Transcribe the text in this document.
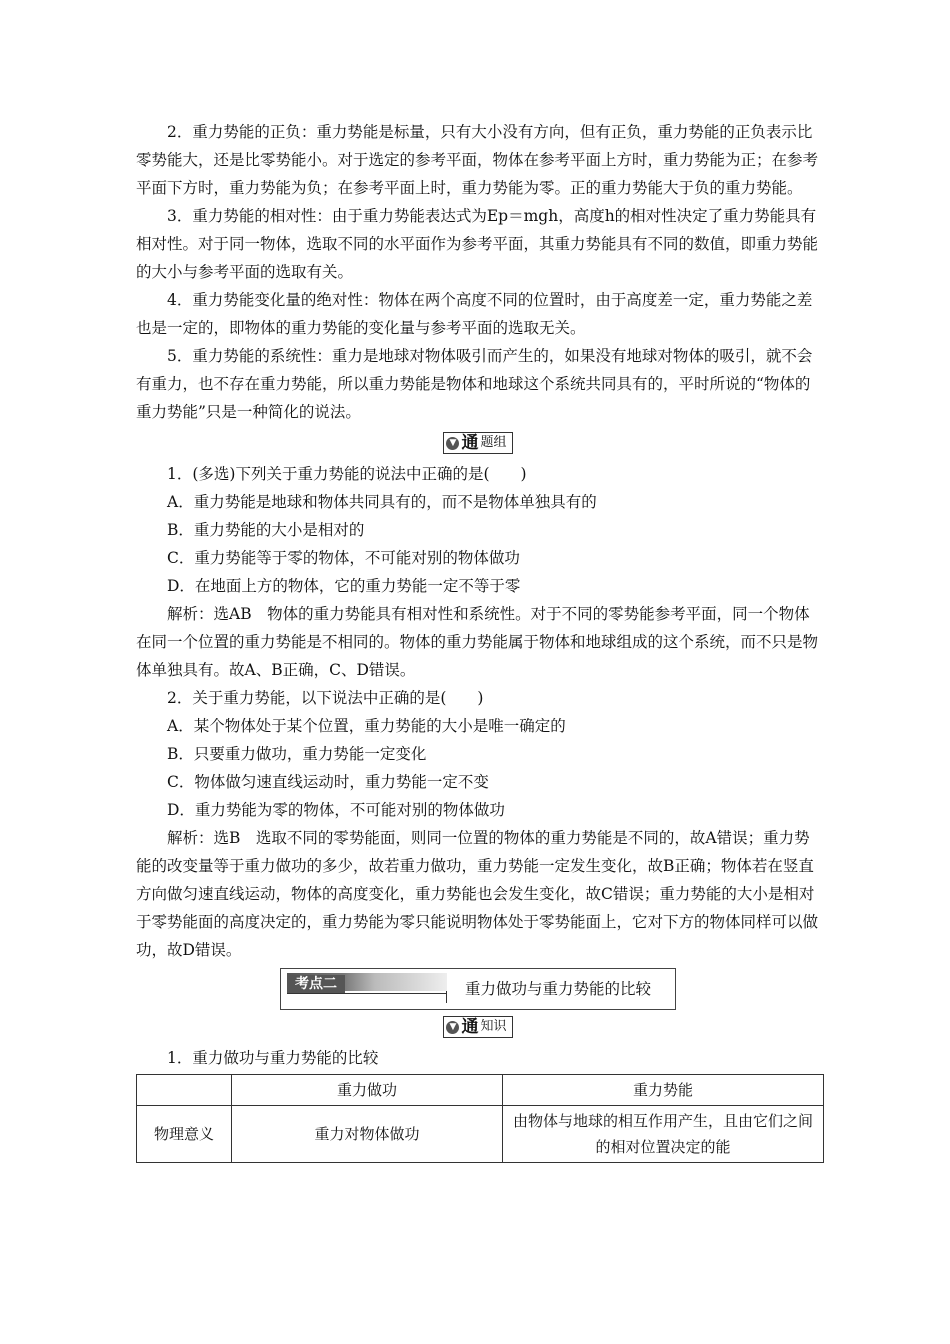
2．重力势能的正负：重力势能是标量，只有大小没有方向，但有正负，重力势能的正负表示比零势能大，还是比零势能小。对于选定的参考平面，物体在参考平面上方时，重力势能为正；在参考平面下方时，重力势能为负；在参考平面上时，重力势能为零。正的重力势能大于负的重力势能。

3．重力势能的相对性：由于重力势能表达式为Ep＝mgh，高度h的相对性决定了重力势能具有相对性。对于同一物体，选取不同的水平面作为参考平面，其重力势能具有不同的数值，即重力势能的大小与参考平面的选取有关。

4．重力势能变化量的绝对性：物体在两个高度不同的位置时，由于高度差一定，重力势能之差也是一定的，即物体的重力势能的变化量与参考平面的选取无关。

5．重力势能的系统性：重力是地球对物体吸引而产生的，如果没有地球对物体的吸引，就不会有重力，也不存在重力势能，所以重力势能是物体和地球这个系统共同具有的，平时所说的“物体的重力势能”只是一种简化的说法。

▼ 通 题组

1．(多选)下列关于重力势能的说法中正确的是(　　)

A．重力势能是地球和物体共同具有的，而不是物体单独具有的

B．重力势能的大小是相对的

C．重力势能等于零的物体，不可能对别的物体做功

D．在地面上方的物体，它的重力势能一定不等于零

解析：选AB　物体的重力势能具有相对性和系统性。对于不同的零势能参考平面，同一个物体在同一个位置的重力势能是不相同的。物体的重力势能属于物体和地球组成的这个系统，而不只是物体单独具有。故A、B正确，C、D错误。

2．关于重力势能，以下说法中正确的是(　　)

A．某个物体处于某个位置，重力势能的大小是唯一确定的

B．只要重力做功，重力势能一定变化

C．物体做匀速直线运动时，重力势能一定不变

D．重力势能为零的物体，不可能对别的物体做功

解析：选B　选取不同的零势能面，则同一位置的物体的重力势能是不同的，故A错误；重力势能的改变量等于重力做功的多少，故若重力做功，重力势能一定发生变化，故B正确；物体若在竖直方向做匀速直线运动，物体的高度变化，重力势能也会发生变化，故C错误；重力势能的大小是相对于零势能面的高度决定的，重力势能为零只能说明物体处于零势能面上，它对下方的物体同样可以做功，故D错误。

考点二	重力做功与重力势能的比较
▼ 通 知识

1．重力做功与重力势能的比较

	重力做功	重力势能
物理意义	重力对物体做功	由物体与地球的相互作用产生，且由它们之间的相对位置决定的能
